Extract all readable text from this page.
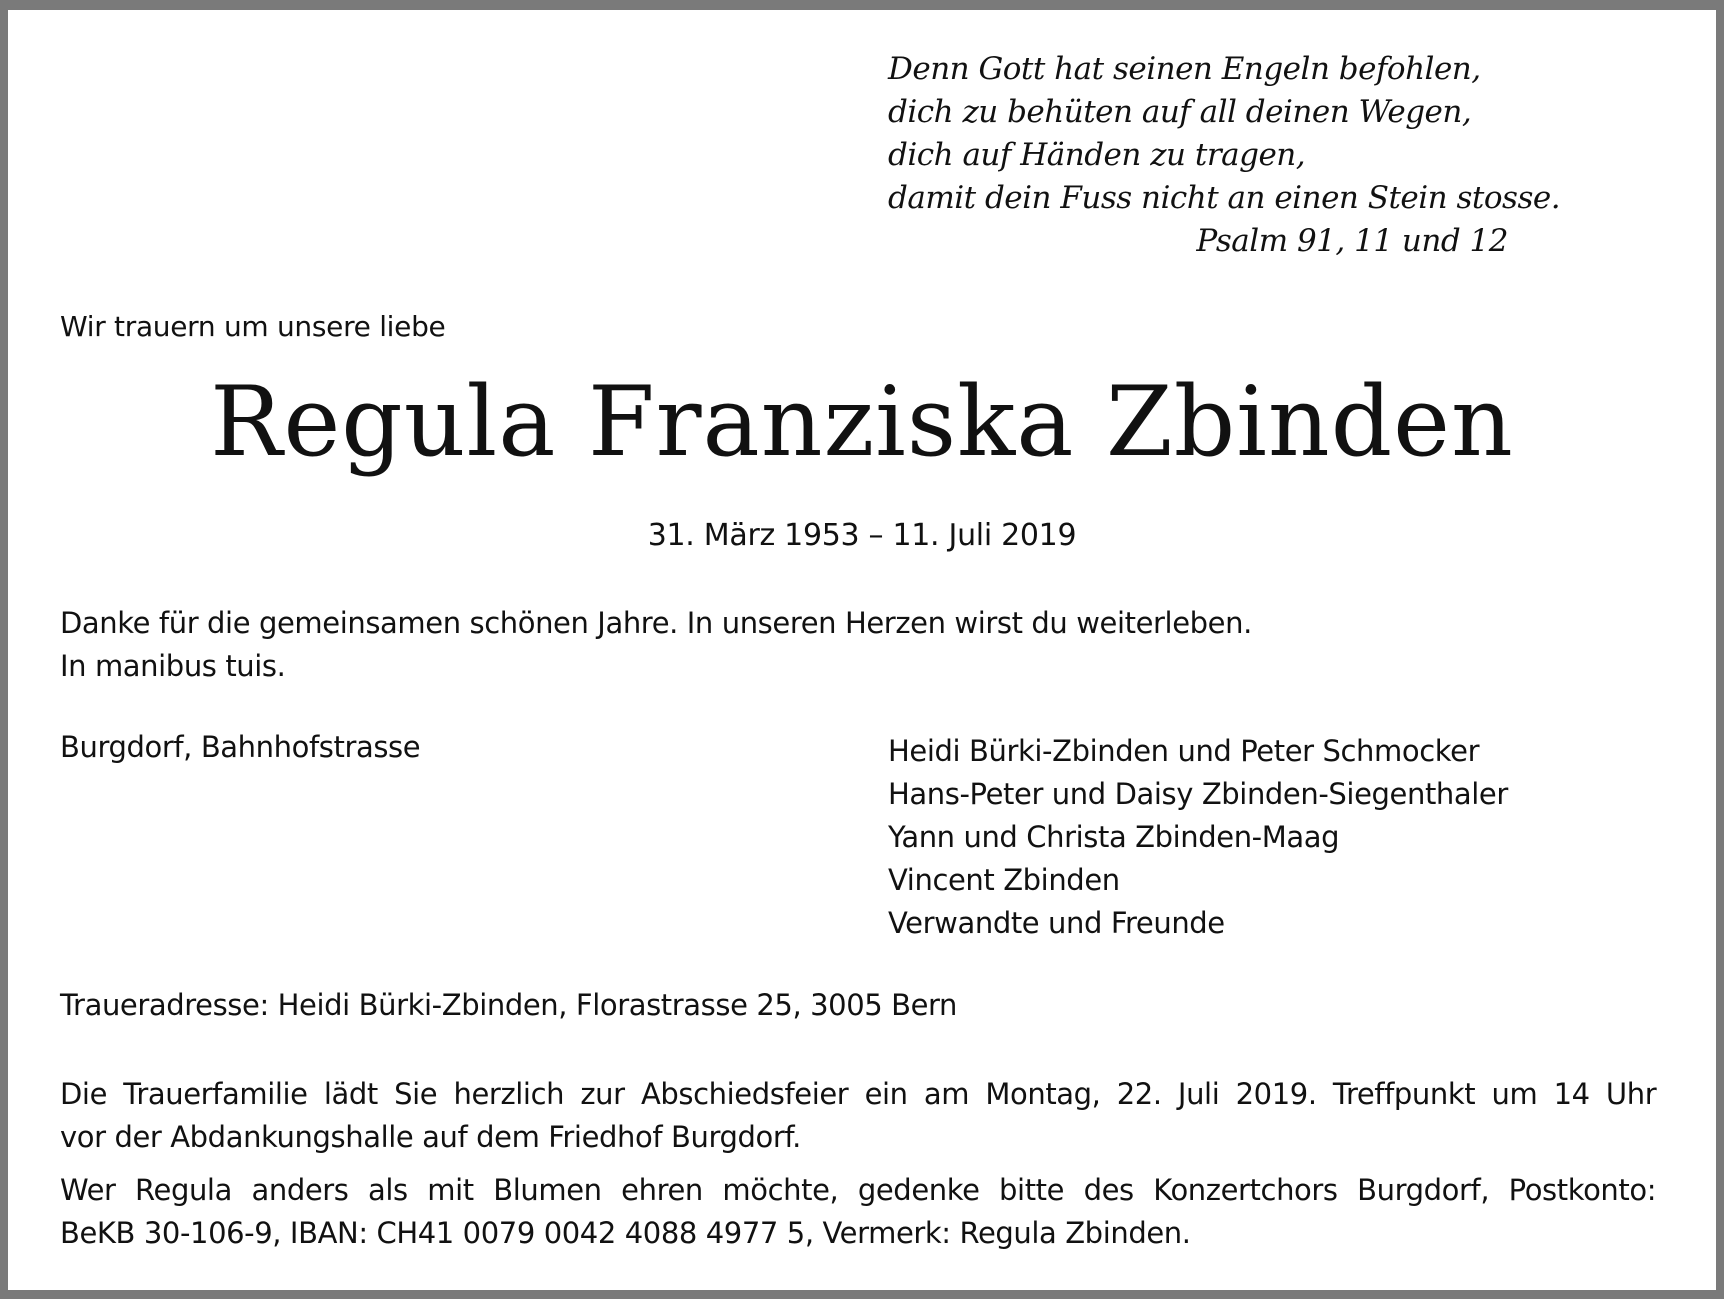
Denn Gott hat seinen Engeln befohlen,
dich zu behüten auf all deinen Wegen,
dich auf Händen zu tragen,
damit dein Fuss nicht an einen Stein stosse.
Psalm 91, 11 und 12
Wir trauern um unsere liebe
Regula Franziska Zbinden
31. März 1953 – 11. Juli 2019
Danke für die gemeinsamen schönen Jahre. In unseren Herzen wirst du weiterleben.
In manibus tuis.
Burgdorf, Bahnhofstrasse	Heidi Bürki-Zbinden und Peter Schmocker
Hans-Peter und Daisy Zbinden-Siegenthaler
Yann und Christa Zbinden-Maag
Vincent Zbinden
Verwandte und Freunde
Traueradresse: Heidi Bürki-Zbinden, Florastrasse 25, 3005 Bern
Die Trauerfamilie lädt Sie herzlich zur Abschiedsfeier ein am Montag, 22. Juli 2019. Treffpunkt um 14 Uhr
vor der Abdankungshalle auf dem Friedhof Burgdorf.
Wer Regula anders als mit Blumen ehren möchte, gedenke bitte des Konzertchors Burgdorf, Postkonto:
BeKB 30-106-9, IBAN: CH41 0079 0042 4088 4977 5, Vermerk: Regula Zbinden.
